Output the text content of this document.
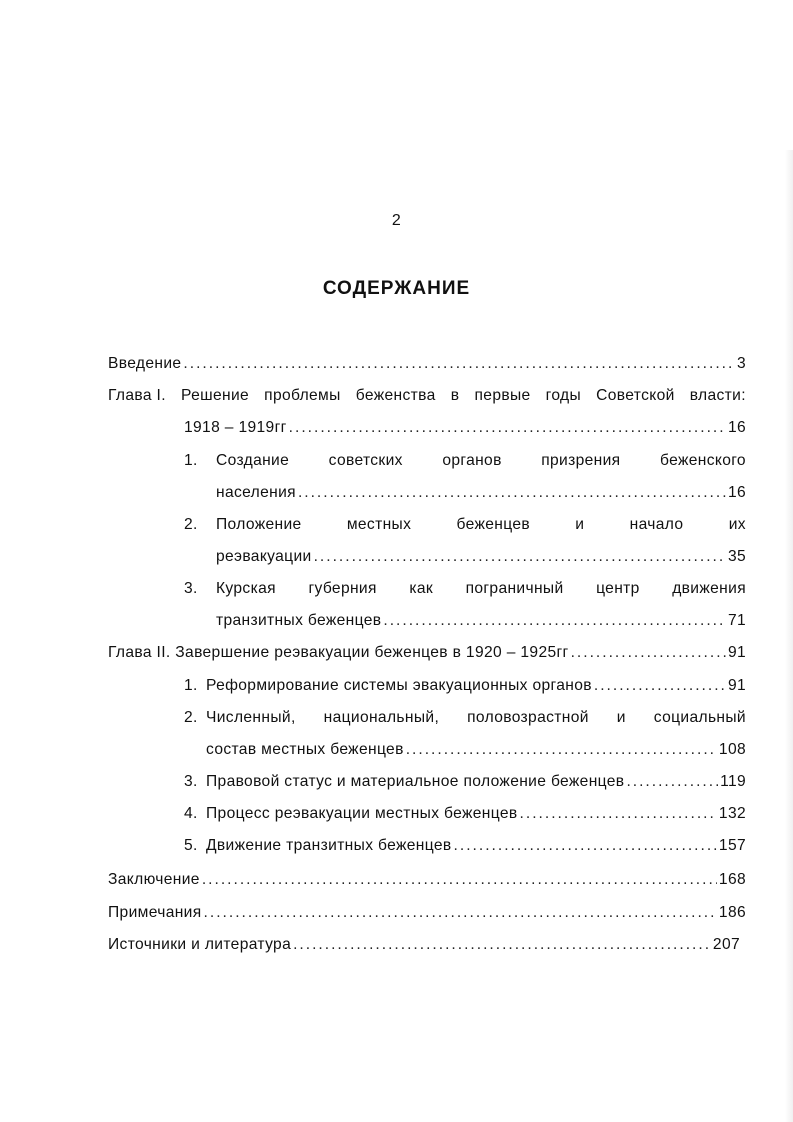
2
СОДЕРЖАНИЕ
Введение .....	3
Глава I. Решение проблемы беженства в первые годы Советской власти:
1918 – 1919гг .....	16
1. Создание	советских	органов	призрения	беженского
населения .....	16
2. Положение	местных	беженцев	и	начало	их
реэвакуации .....	35
3. Курская губерния как пограничный центр движения
транзитных беженцев .....	71
Глава II. Завершение реэвакуации беженцев в 1920 – 1925гг .....	91
1. Реформирование системы эвакуационных органов .....	91
2. Численный, национальный, половозрастной и социальный
состав местных беженцев .....	108
3. Правовой статус и материальное положение беженцев .....	119
4. Процесс реэвакуации местных беженцев .....	132
5. Движение транзитных беженцев .....	157
Заключение .....	168
Примечания .....	186
Источники и литература .....	207
